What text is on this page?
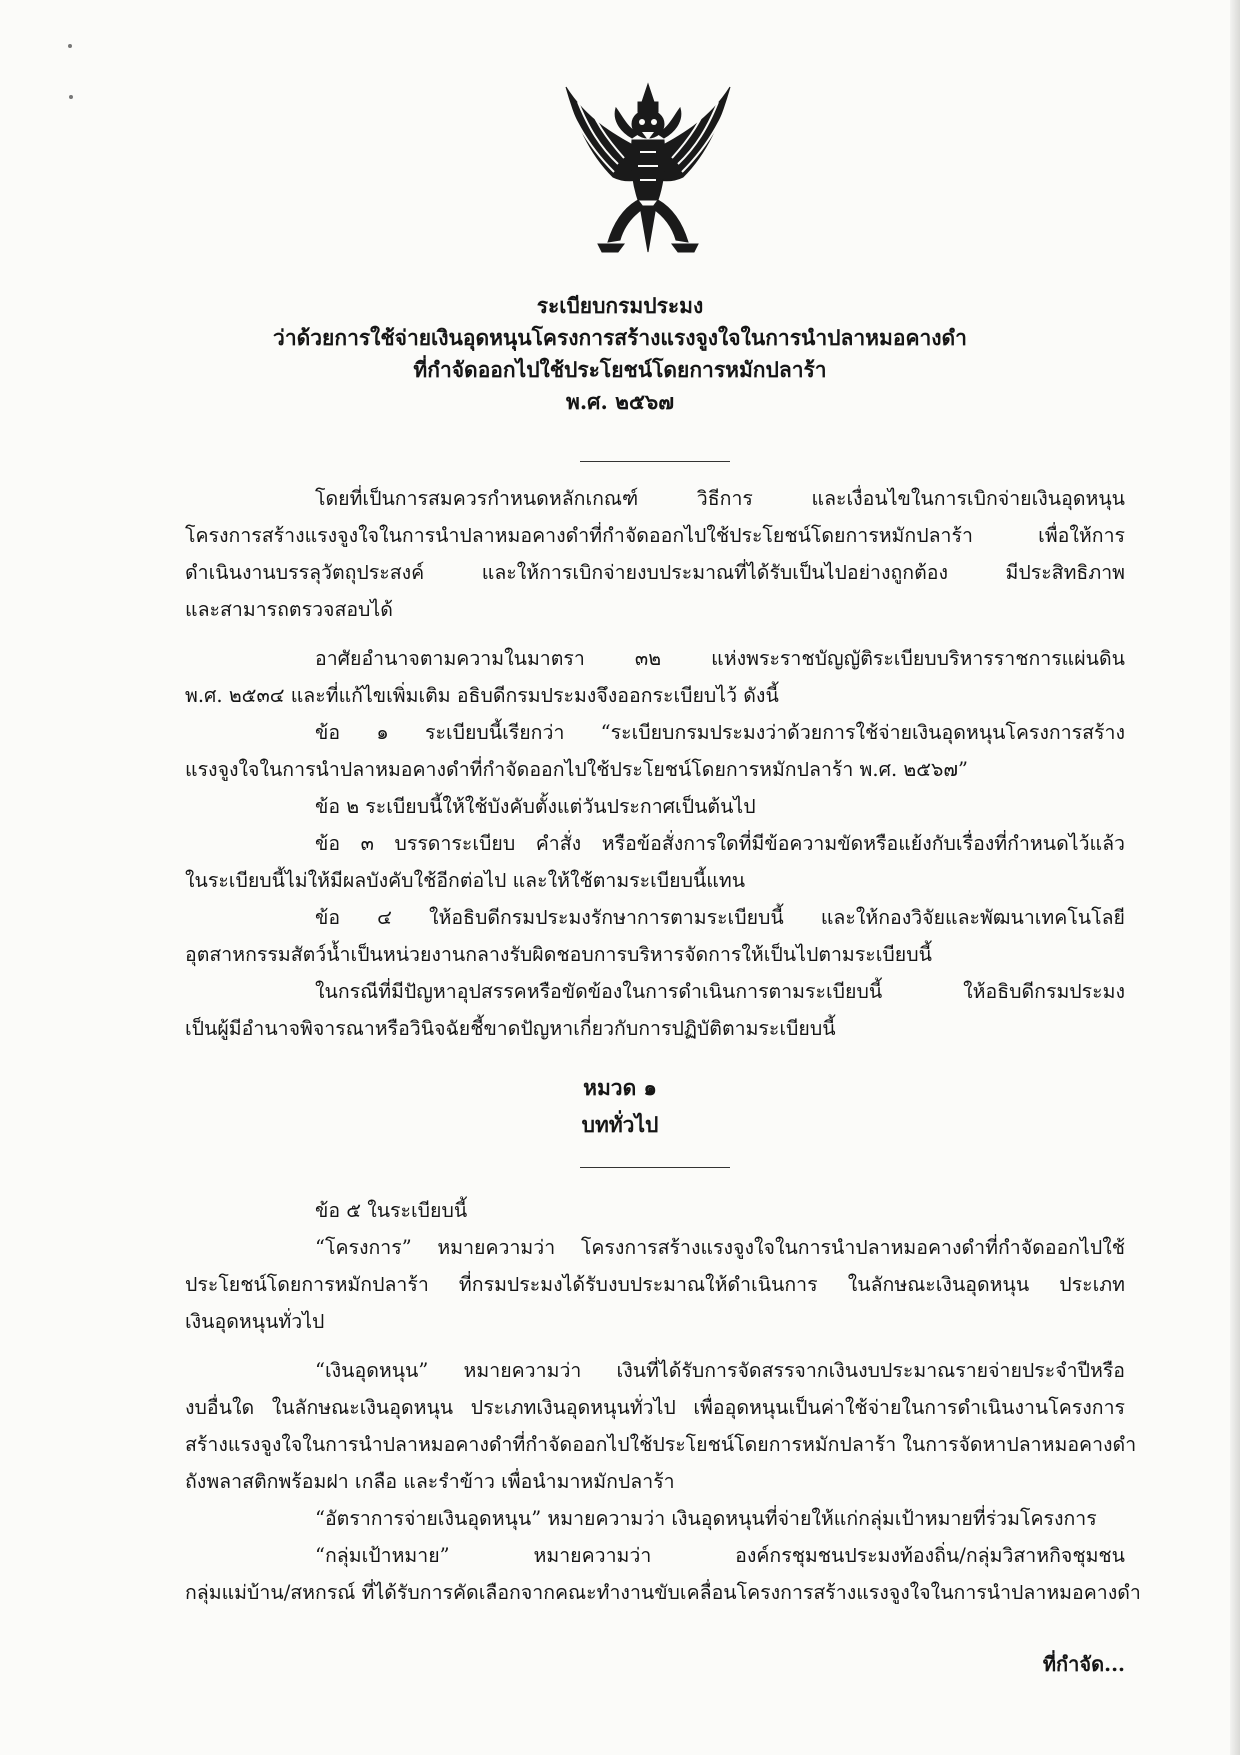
ระเบียบกรมประมง
ว่าด้วยการใช้จ่ายเงินอุดหนุนโครงการสร้างแรงจูงใจในการนำปลาหมอคางดำ
ที่กำจัดออกไปใช้ประโยชน์โดยการหมักปลาร้า
พ.ศ. ๒๕๖๗
โดยที่เป็นการสมควรกำหนดหลักเกณฑ์ วิธีการ และเงื่อนไขในการเบิกจ่ายเงินอุดหนุน
โครงการสร้างแรงจูงใจในการนำปลาหมอคางดำที่กำจัดออกไปใช้ประโยชน์โดยการหมักปลาร้า เพื่อให้การ
ดำเนินงานบรรลุวัตถุประสงค์ และให้การเบิกจ่ายงบประมาณที่ได้รับเป็นไปอย่างถูกต้อง มีประสิทธิภาพ
และสามารถตรวจสอบได้
อาศัยอำนาจตามความในมาตรา ๓๒ แห่งพระราชบัญญัติระเบียบบริหารราชการแผ่นดิน
พ.ศ. ๒๕๓๔ และที่แก้ไขเพิ่มเติม อธิบดีกรมประมงจึงออกระเบียบไว้ ดังนี้
ข้อ ๑ ระเบียบนี้เรียกว่า “ระเบียบกรมประมงว่าด้วยการใช้จ่ายเงินอุดหนุนโครงการสร้าง
แรงจูงใจในการนำปลาหมอคางดำที่กำจัดออกไปใช้ประโยชน์โดยการหมักปลาร้า พ.ศ. ๒๕๖๗”
ข้อ ๒ ระเบียบนี้ให้ใช้บังคับตั้งแต่วันประกาศเป็นต้นไป
ข้อ ๓ บรรดาระเบียบ คำสั่ง หรือข้อสั่งการใดที่มีข้อความขัดหรือแย้งกับเรื่องที่กำหนดไว้แล้ว
ในระเบียบนี้ไม่ให้มีผลบังคับใช้อีกต่อไป และให้ใช้ตามระเบียบนี้แทน
ข้อ ๔ ให้อธิบดีกรมประมงรักษาการตามระเบียบนี้ และให้กองวิจัยและพัฒนาเทคโนโลยี
อุตสาหกรรมสัตว์น้ำเป็นหน่วยงานกลางรับผิดชอบการบริหารจัดการให้เป็นไปตามระเบียบนี้
ในกรณีที่มีปัญหาอุปสรรคหรือขัดข้องในการดำเนินการตามระเบียบนี้ ให้อธิบดีกรมประมง
เป็นผู้มีอำนาจพิจารณาหรือวินิจฉัยชี้ขาดปัญหาเกี่ยวกับการปฏิบัติตามระเบียบนี้
หมวด ๑
บททั่วไป
ข้อ ๕ ในระเบียบนี้
“โครงการ” หมายความว่า โครงการสร้างแรงจูงใจในการนำปลาหมอคางดำที่กำจัดออกไปใช้
ประโยชน์โดยการหมักปลาร้า ที่กรมประมงได้รับงบประมาณให้ดำเนินการ ในลักษณะเงินอุดหนุน ประเภท
เงินอุดหนุนทั่วไป
“เงินอุดหนุน” หมายความว่า เงินที่ได้รับการจัดสรรจากเงินงบประมาณรายจ่ายประจำปีหรือ
งบอื่นใด ในลักษณะเงินอุดหนุน ประเภทเงินอุดหนุนทั่วไป เพื่ออุดหนุนเป็นค่าใช้จ่ายในการดำเนินงานโครงการ
สร้างแรงจูงใจในการนำปลาหมอคางดำที่กำจัดออกไปใช้ประโยชน์โดยการหมักปลาร้า ในการจัดหาปลาหมอคางดำ
ถังพลาสติกพร้อมฝา เกลือ และรำข้าว เพื่อนำมาหมักปลาร้า
“อัตราการจ่ายเงินอุดหนุน” หมายความว่า เงินอุดหนุนที่จ่ายให้แก่กลุ่มเป้าหมายที่ร่วมโครงการ
“กลุ่มเป้าหมาย” หมายความว่า องค์กรชุมชนประมงท้องถิ่น/กลุ่มวิสาหกิจชุมชน
กลุ่มแม่บ้าน/สหกรณ์ ที่ได้รับการคัดเลือกจากคณะทำงานขับเคลื่อนโครงการสร้างแรงจูงใจในการนำปลาหมอคางดำ
ที่กำจัด...
